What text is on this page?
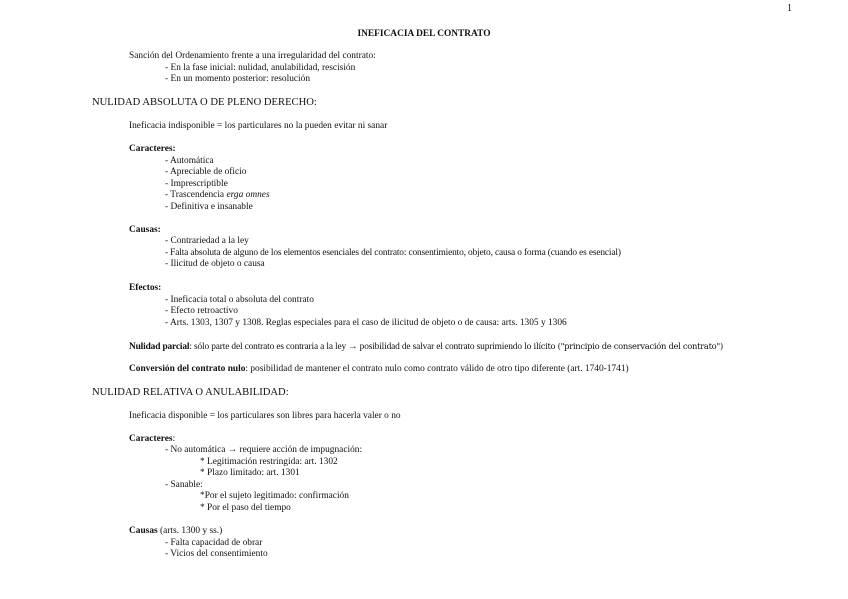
1
INEFICACIA DEL CONTRATO
Sanción del Ordenamiento frente a una irregularidad del contrato:
- En la fase inicial: nulidad, anulabilidad, rescisión
- En un momento posterior: resolución
NULIDAD ABSOLUTA O DE PLENO DERECHO:
Ineficacia indisponible = los particulares no la pueden evitar ni sanar
Caracteres:
- Automática
- Apreciable de oficio
- Imprescriptible
- Trascendencia erga omnes
- Definitiva e insanable
Causas:
- Contrariedad a la ley
- Falta absoluta de alguno de los elementos esenciales del contrato: consentimiento, objeto, causa o forma (cuando es esencial)
- Ilicitud de objeto o causa
Efectos:
- Ineficacia total o absoluta del contrato
- Efecto retroactivo
- Arts. 1303, 1307 y 1308. Reglas especiales para el caso de ilicitud de objeto o de causa: arts. 1305 y 1306
Nulidad parcial: sólo parte del contrato es contraria a la ley → posibilidad de salvar el contrato suprimiendo lo ilícito ("principio de conservación del contrato")
Conversión del contrato nulo: posibilidad de mantener el contrato nulo como contrato válido de otro tipo diferente (art. 1740-1741)
NULIDAD RELATIVA O ANULABILIDAD:
Ineficacia disponible = los particulares son libres para hacerla valer o no
Caracteres:
- No automática → requiere acción de impugnación:
* Legitimación restringida: art. 1302
* Plazo limitado: art. 1301
- Sanable:
*Por el sujeto legitimado: confirmación
* Por el paso del tiempo
Causas (arts. 1300 y ss.)
- Falta capacidad de obrar
- Vicios del consentimiento
